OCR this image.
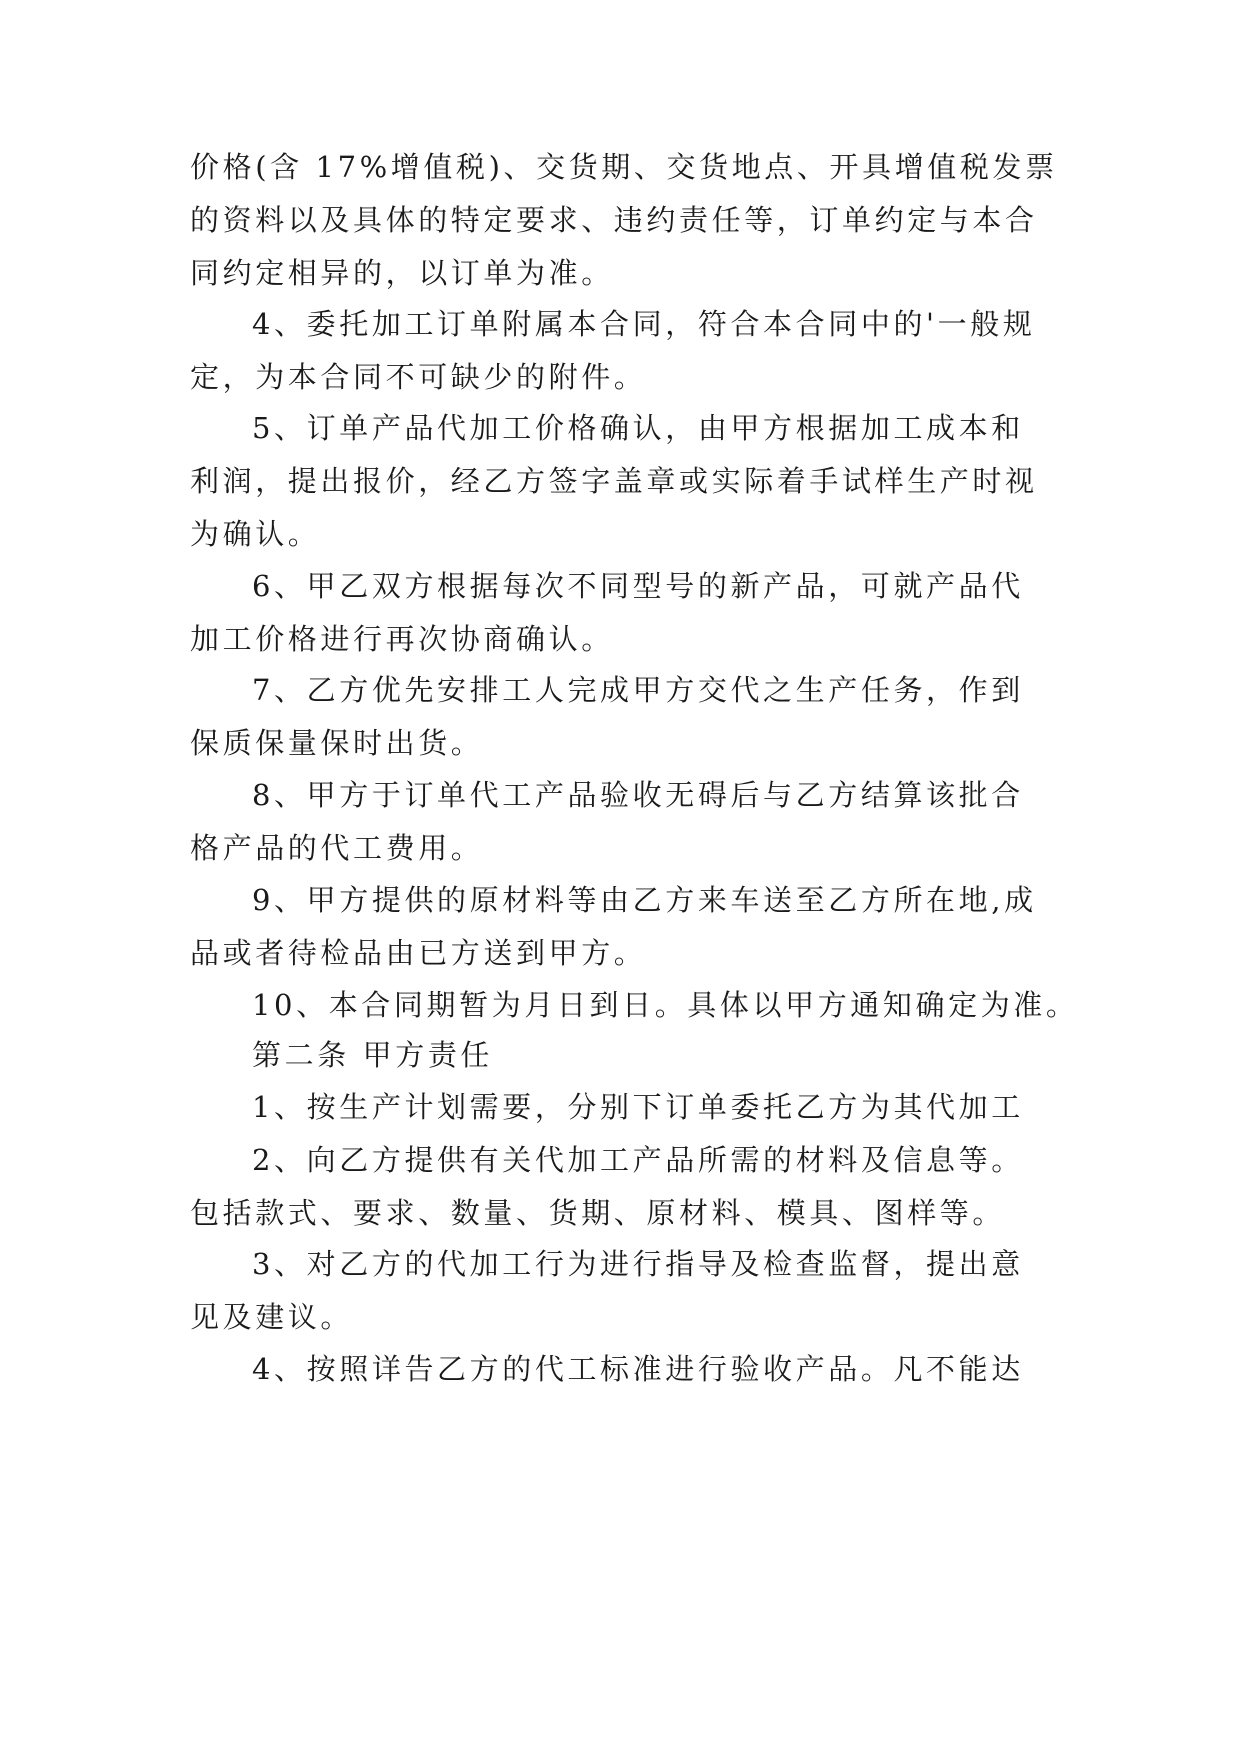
价格(含 17%增值税)、交货期、交货地点、开具增值税发票
的资料以及具体的特定要求、违约责任等，订单约定与本合
同约定相异的，以订单为准。
4、委托加工订单附属本合同，符合本合同中的'一般规
定，为本合同不可缺少的附件。
5、订单产品代加工价格确认，由甲方根据加工成本和
利润，提出报价，经乙方签字盖章或实际着手试样生产时视
为确认。
6、甲乙双方根据每次不同型号的新产品，可就产品代
加工价格进行再次协商确认。
7、乙方优先安排工人完成甲方交代之生产任务，作到
保质保量保时出货。
8、甲方于订单代工产品验收无碍后与乙方结算该批合
格产品的代工费用。
9、甲方提供的原材料等由乙方来车送至乙方所在地,成
品或者待检品由已方送到甲方。
10、本合同期暂为月日到日。具体以甲方通知确定为准。
第二条 甲方责任
1、按生产计划需要，分别下订单委托乙方为其代加工
2、向乙方提供有关代加工产品所需的材料及信息等。
包括款式、要求、数量、货期、原材料、模具、图样等。
3、对乙方的代加工行为进行指导及检查监督，提出意
见及建议。
4、按照详告乙方的代工标准进行验收产品。凡不能达
